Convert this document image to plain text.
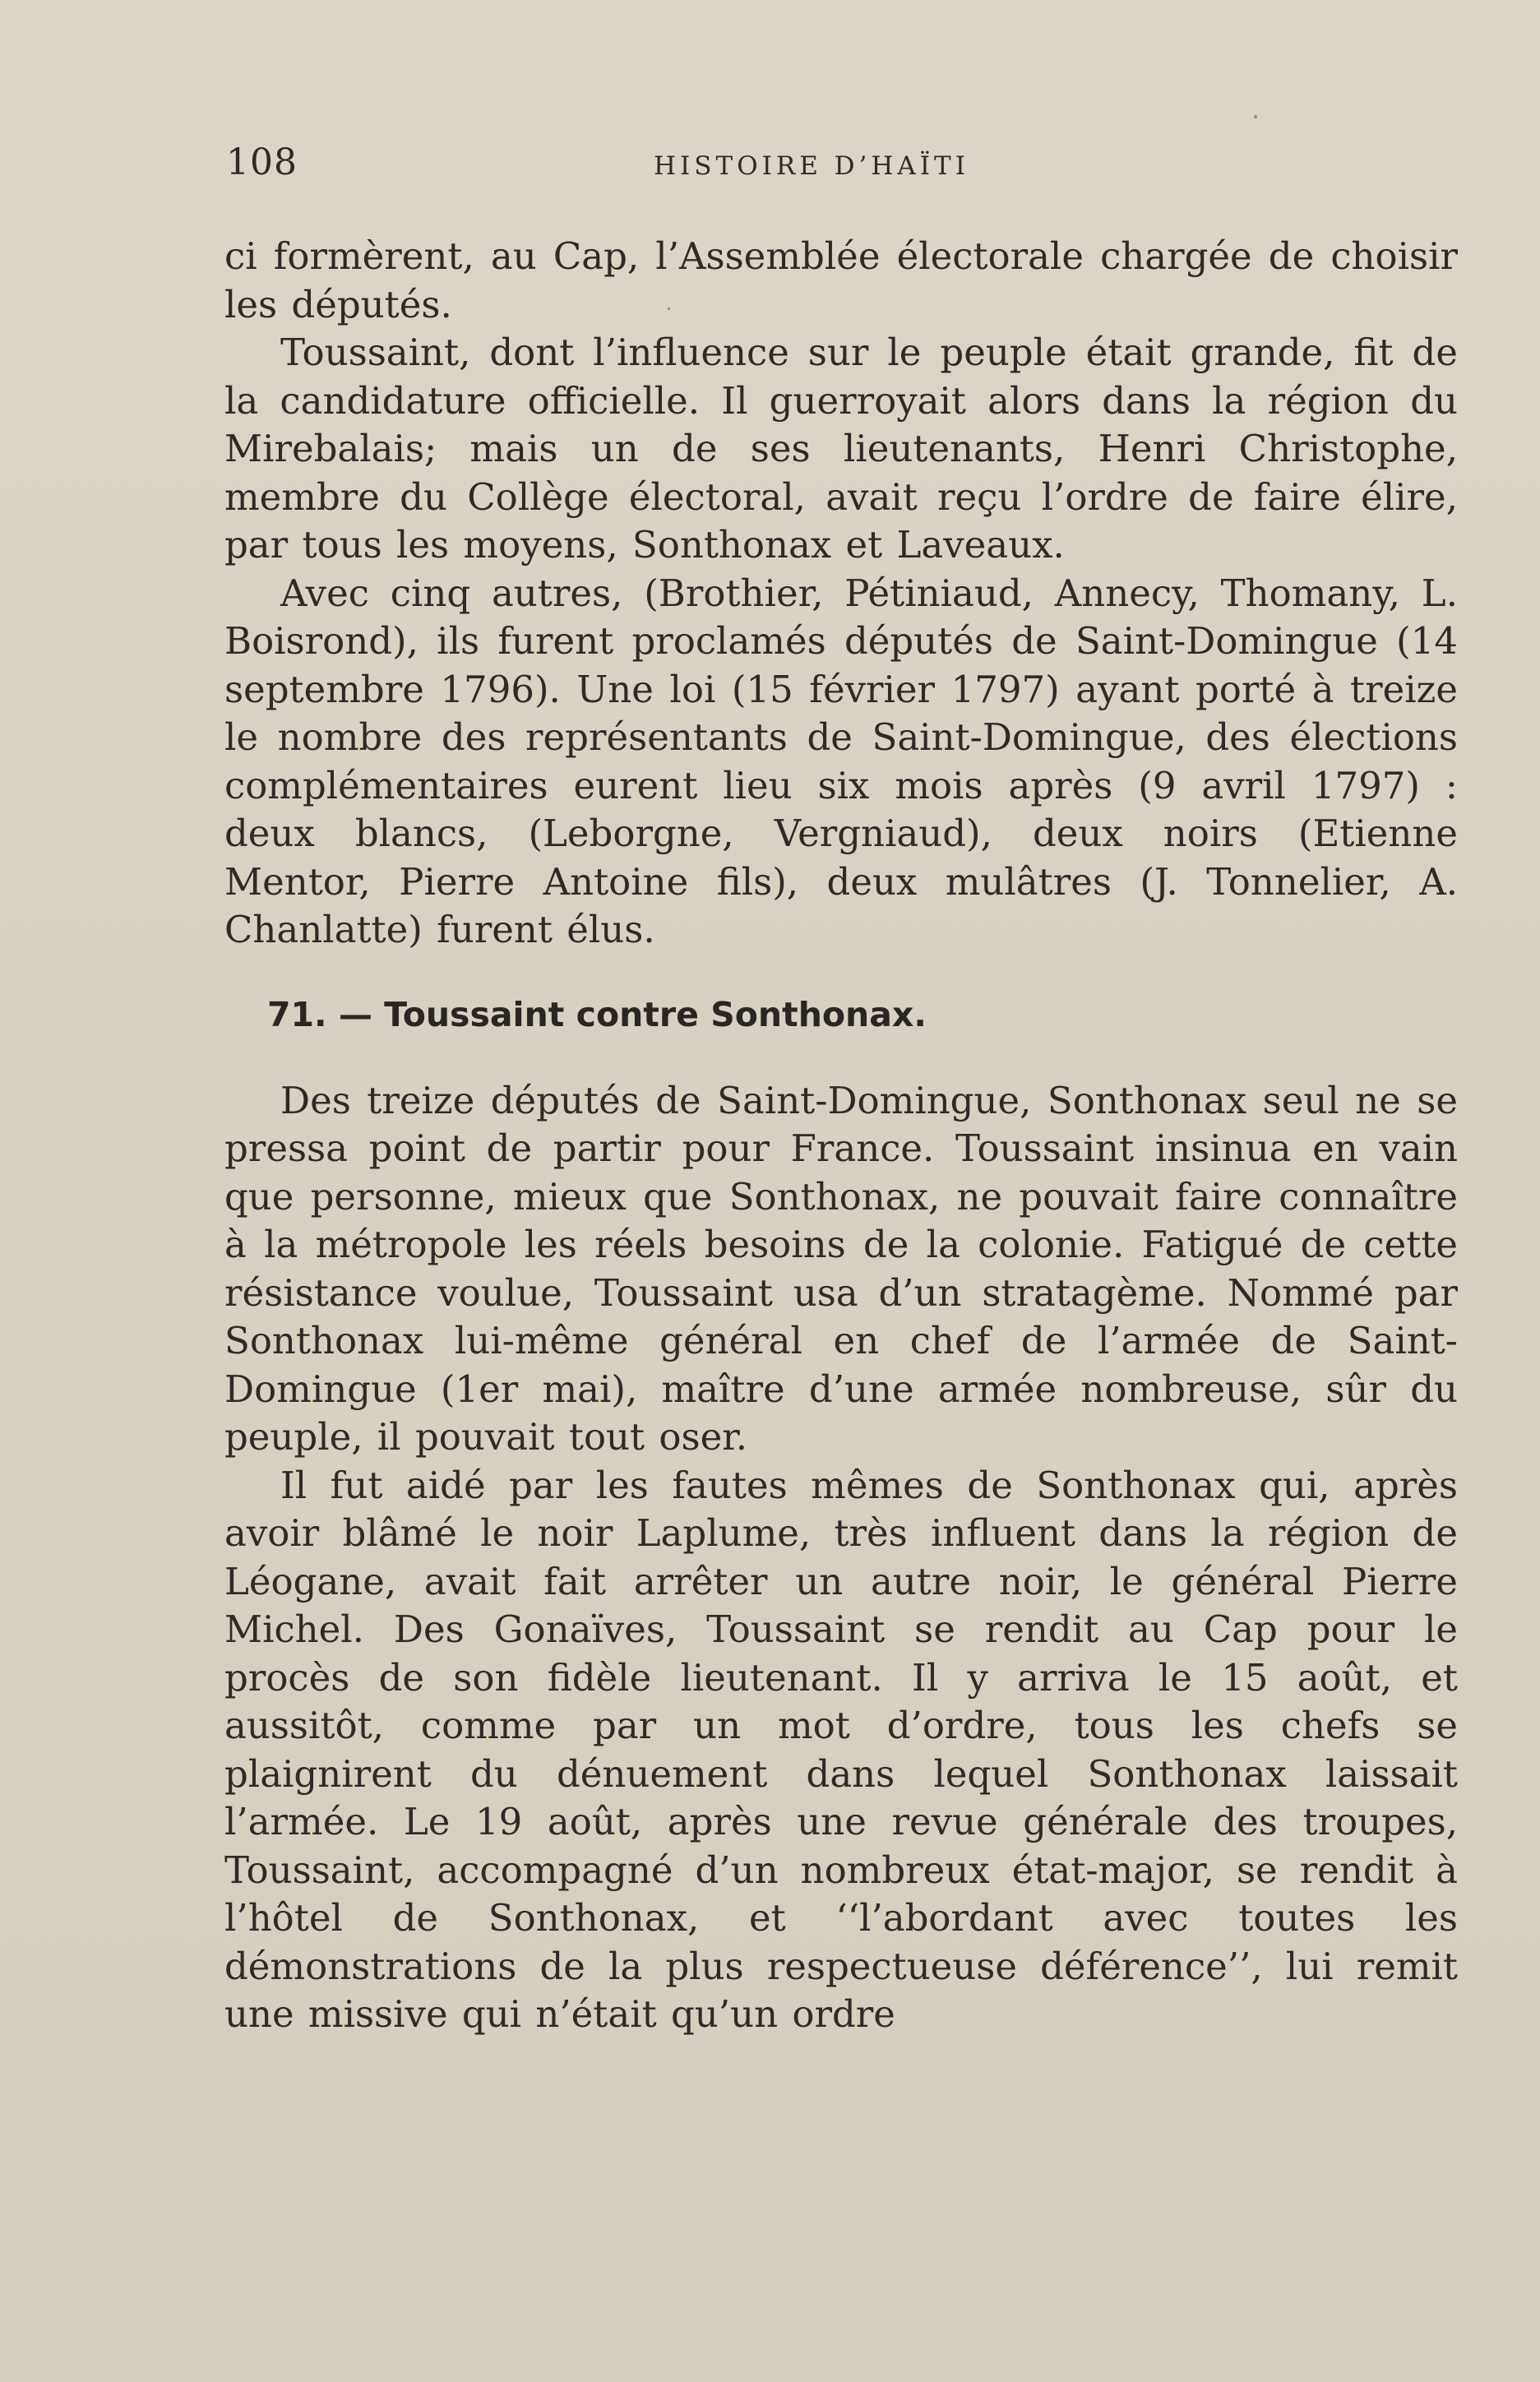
108	HISTOIRE D’HAÏTI

ci formèrent, au Cap, l’Assemblée électorale chargée de choisir les députés.

Toussaint, dont l’influence sur le peuple était grande, fit de la candidature officielle. Il guerroyait alors dans la région du Mirebalais; mais un de ses lieutenants, Henri Christophe, membre du Collège électoral, avait reçu l’ordre de faire élire, par tous les moyens, Sonthonax et Laveaux.

Avec cinq autres, (Brothier, Pétiniaud, Annecy, Thomany, L. Boisrond), ils furent proclamés députés de Saint-Domingue (14 septembre 1796). Une loi (15 février 1797) ayant porté à treize le nombre des représentants de Saint-Domingue, des élections complémentaires eurent lieu six mois après (9 avril 1797) : deux blancs, (Leborgne, Vergniaud), deux noirs (Etienne Mentor, Pierre Antoine fils), deux mulâtres (J. Tonnelier, A. Chanlatte) furent élus.

71. — Toussaint contre Sonthonax.

Des treize députés de Saint-Domingue, Sonthonax seul ne se pressa point de partir pour France. Toussaint insinua en vain que personne, mieux que Sonthonax, ne pouvait faire connaître à la métropole les réels besoins de la colonie. Fatigué de cette résistance voulue, Toussaint usa d’un stratagème. Nommé par Sonthonax lui-même général en chef de l’armée de Saint-Domingue (1er mai), maître d’une armée nombreuse, sûr du peuple, il pouvait tout oser.

Il fut aidé par les fautes mêmes de Sonthonax qui, après avoir blâmé le noir Laplume, très influent dans la région de Léogane, avait fait arrêter un autre noir, le général Pierre Michel. Des Gonaïves, Toussaint se rendit au Cap pour le procès de son fidèle lieutenant. Il y arriva le 15 août, et aussitôt, comme par un mot d’ordre, tous les chefs se plaignirent du dénuement dans lequel Sonthonax laissait l’armée. Le 19 août, après une revue générale des troupes, Toussaint, accompagné d’un nombreux état-major, se rendit à l’hôtel de Sonthonax, et ‘‘l’abordant avec toutes les démonstrations de la plus respectueuse déférence’’, lui remit une missive qui n’était qu’un ordre
